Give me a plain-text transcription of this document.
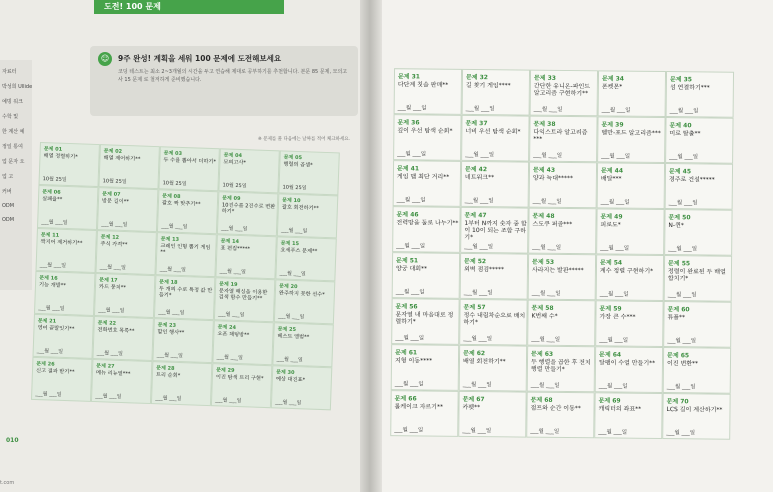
도전! 100 문제
자료터
박성희 Ullide
예빙 워크
수학 및
한 계산 예
정일 통여
업 문자 오
업 고
커버
ODM
ODM
☺	9주 완성! 계획을 세워 100 문제에 도전해보세요
코딩 테스트는 최소 2~3개월의 시간을 두고 연습해 제대로 공부하기를 추천합니다. 본문 85 문제, 모의고사 15 문제 로 철저하게 준비했습니다.
※ 문제를 풀 다음에는 날짜를 적어 체크하세요.
문제 01
배열 정렬하기*
10월 25일
문제 02
배열 제어하기**
10월 25일
문제 03
두 수를 뽑아서 더하기*
10월 25일
문제 04
모의고사*
10월 25일
문제 05
행렬의 곱셈*
10월 25일
문제 06
실패율**
___월 ___일
문제 07
방문 길이**
___월 ___일
문제 08
괄호 짝 맞추기**
___월 ___일
문제 09
10진수를 2진수로 변환하기*
___월 ___일
문제 10
괄호 회전하기**
___월 ___일
문제 11
짝지어 제거하기**
___월 ___일
문제 12
주식 가격**
___월 ___일
문제 13
크레인 인형 뽑기 게임**
___월 ___일
문제 14
표 편집*****
___월 ___일
문제 15
요세푸스 문제**
___월 ___일
문제 16
기능 개발**
___월 ___일
문제 17
카드 뭉치**
___월 ___일
문제 18
두 개의 수로 특정 값 만들기*
___월 ___일
문제 19
문자열 해싱을 이용한 검색 함수 만들기**
___월 ___일
문제 20
완주하지 못한 선수*
___월 ___일
문제 21
영어 끝말잇기**
___월 ___일
문제 22
전화번호 목록**
___월 ___일
문제 23
할인 행사**
___월 ___일
문제 24
오픈 채팅방**
___월 ___일
문제 25
베스트 앨범**
___월 ___일
문제 26
신고 결과 받기**
___월 ___일
문제 27
메뉴 리뉴얼***
___월 ___일
문제 28
트리 순회*
___월 ___일
문제 29
이진 탐색 트리 구현*
___월 ___일
문제 30
예상 대진표*
___월 ___일
문제 31
다단계 칫솔 판매**
___월 ___일
문제 32
길 찾기 게임****
___월 ___일
문제 33
간단한 유니온-파인드 알고리즘 구현하기**
___월 ___일
문제 34
폰켓몬*
___월 ___일
문제 35
섬 연결하기***
___월 ___일
문제 36
깊이 우선 탐색 순회*
___월 ___일
문제 37
너비 우선 탐색 순회*
___월 ___일
문제 38
다익스트라 알고리즘***
___월 ___일
문제 39
벨만-포드 알고리즘***
___월 ___일
문제 40
미로 탈출**
___월 ___일
문제 41
게임 맵 최단 거리**
___월 ___일
문제 42
네트워크**
___월 ___일
문제 43
양과 늑대*****
___월 ___일
문제 44
배달***
___월 ___일
문제 45
경주로 건설*****
___월 ___일
문제 46
전력망을 둘로 나누기**
___월 ___일
문제 47
1부터 N까지 숫자 중 합이 10이 되는 조합 구하기*
___월 ___일
문제 48
스도쿠 퍼즐***
___월 ___일
문제 49
피로도*
___월 ___일
문제 50
N-퀸*
___월 ___일
문제 51
양궁 대회**
___월 ___일
문제 52
외벽 점검*****
___월 ___일
문제 53
사라지는 발판*****
___월 ___일
문제 54
계수 정렬 구현하기*
___월 ___일
문제 55
정렬이 완료된 두 배열 합치기*
___월 ___일
문제 56
문자열 내 마음대로 정렬하기*
___월 ___일
문제 57
정수 내림차순으로 배치하기*
___월 ___일
문제 58
K번째 수*
___월 ___일
문제 59
가장 큰 수***
___월 ___일
문제 60
튜플**
___월 ___일
문제 61
지형 이동****
___월 ___일
문제 62
배열 회전하기**
___월 ___일
문제 63
두 행렬을 곱한 후 전치 행렬 만들기*
___월 ___일
문제 64
달팽이 수열 만들기**
___월 ___일
문제 65
이진 변환**
___월 ___일
문제 66
롤케이크 자르기**
___월 ___일
문제 67
카펫**
___월 ___일
문제 68
점프와 순간 이동**
___월 ___일
문제 69
캐릭터의 좌표**
___월 ___일
문제 70
LCS 길이 계산하기**
___월 ___일
010
t.com
